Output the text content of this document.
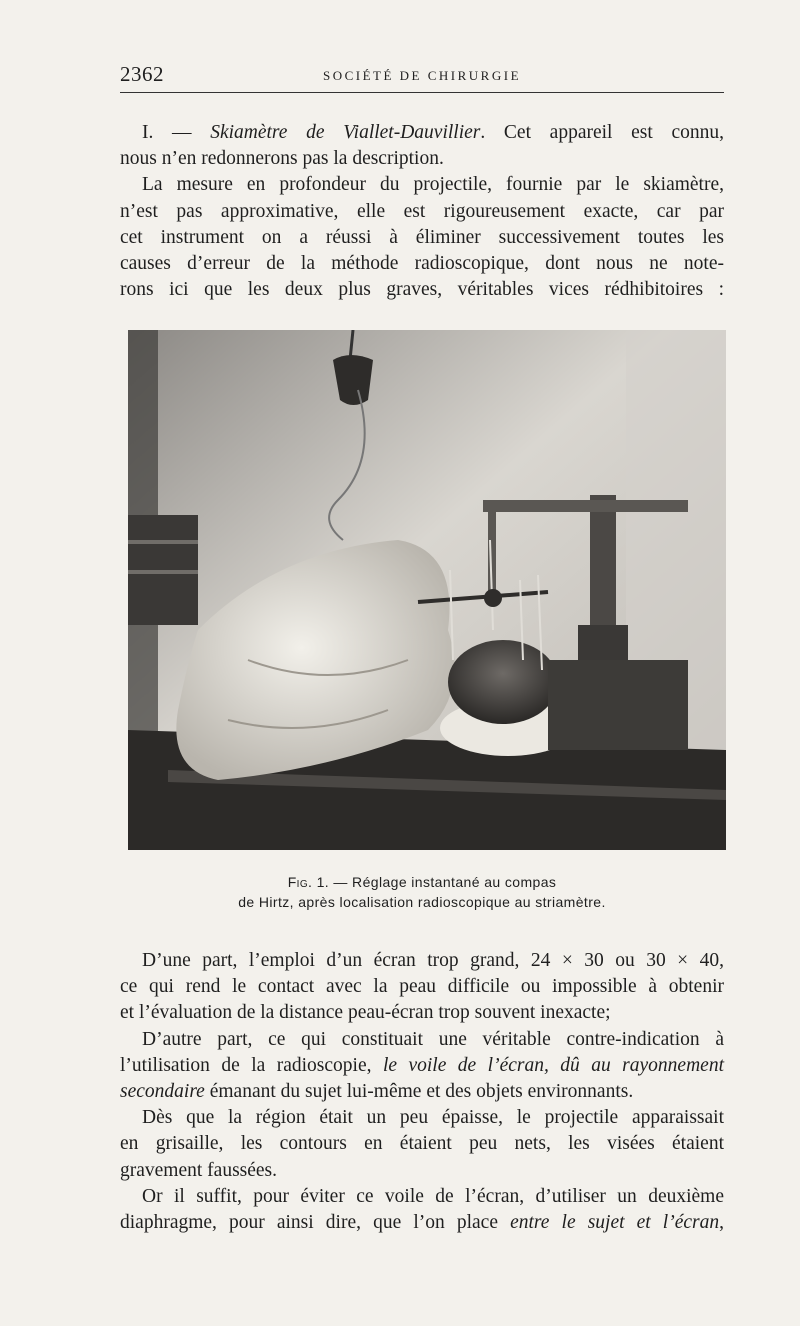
2362	SOCIÉTÉ DE CHIRURGIE

I. — Skiamètre de Viallet-Dauvillier. Cet appareil est connu,

nous n’en redonnerons pas la description.

La mesure en profondeur du projectile, fournie par le skiamètre,

n’est pas approximative, elle est rigoureusement exacte, car par

cet instrument on a réussi à éliminer successivement toutes les

causes d’erreur de la méthode radioscopique, dont nous ne note-

rons ici que les deux plus graves, véritables vices rédhibitoires :

Fig. 1. — Réglage instantané au compas
de Hirtz, après localisation radioscopique au striamètre.

D’une part, l’emploi d’un écran trop grand, 24 × 30 ou 30 × 40,

ce qui rend le contact avec la peau difficile ou impossible à obtenir

et l’évaluation de la distance peau-écran trop souvent inexacte;

D’autre part, ce qui constituait une véritable contre-indication à

l’utilisation de la radioscopie, le voile de l’écran, dû au rayonnement

secondaire émanant du sujet lui-même et des objets environnants.

Dès que la région était un peu épaisse, le projectile apparaissait

en grisaille, les contours en étaient peu nets, les visées étaient

gravement faussées.

Or il suffit, pour éviter ce voile de l’écran, d’utiliser un deuxième

diaphragme, pour ainsi dire, que l’on place entre le sujet et l’écran,
